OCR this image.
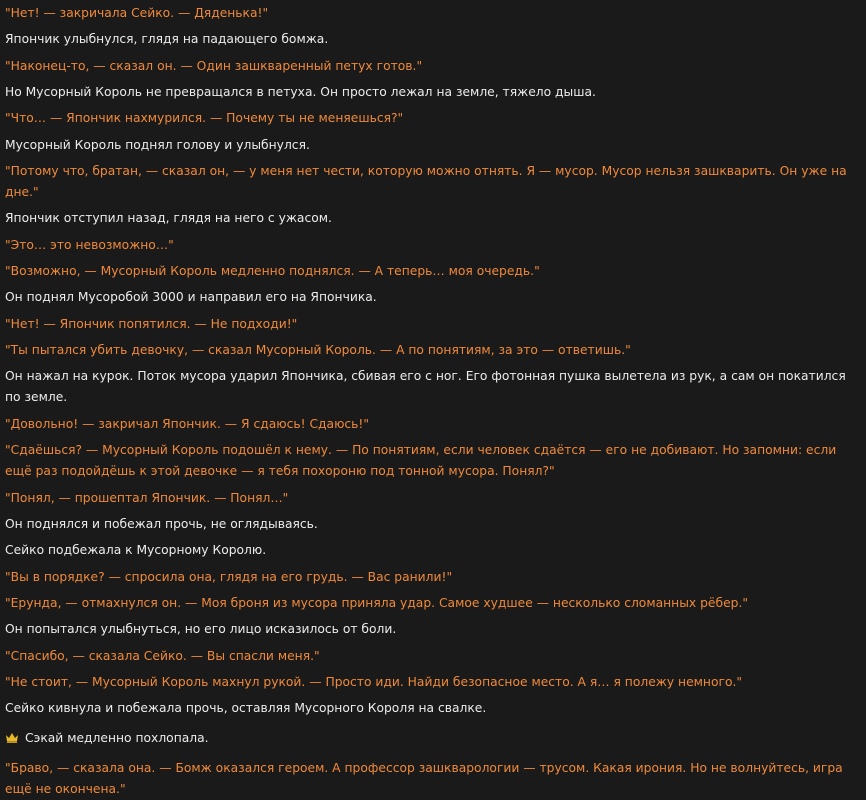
"Нет! — закричала Сейко. — Дяденька!"
Япончик улыбнулся, глядя на падающего бомжа.
"Наконец-то, — сказал он. — Один зашкваренный петух готов."
Но Мусорный Король не превращался в петуха. Он просто лежал на земле, тяжело дыша.
"Что… — Япончик нахмурился. — Почему ты не меняешься?"
Мусорный Король поднял голову и улыбнулся.
"Потому что, братан, — сказал он, — у меня нет чести, которую можно отнять. Я — мусор. Мусор нельзя зашкварить. Он уже на дне."
Япончик отступил назад, глядя на него с ужасом.
"Это… это невозможно…"
"Возможно, — Мусорный Король медленно поднялся. — А теперь… моя очередь."
Он поднял Мусоробой 3000 и направил его на Япончика.
"Нет! — Япончик попятился. — Не подходи!"
"Ты пытался убить девочку, — сказал Мусорный Король. — А по понятиям, за это — ответишь."
Он нажал на курок. Поток мусора ударил Япончика, сбивая его с ног. Его фотонная пушка вылетела из рук, а сам он покатился по земле.
"Довольно! — закричал Япончик. — Я сдаюсь! Сдаюсь!"
"Сдаёшься? — Мусорный Король подошёл к нему. — По понятиям, если человек сдаётся — его не добивают. Но запомни: если ещё раз подойдёшь к этой девочке — я тебя похороню под тонной мусора. Понял?"
"Понял, — прошептал Япончик. — Понял…"
Он поднялся и побежал прочь, не оглядываясь.
Сейко подбежала к Мусорному Королю.
"Вы в порядке? — спросила она, глядя на его грудь. — Вас ранили!"
"Ерунда, — отмахнулся он. — Моя броня из мусора приняла удар. Самое худшее — несколько сломанных рёбер."
Он попытался улыбнуться, но его лицо исказилось от боли.
"Спасибо, — сказала Сейко. — Вы спасли меня."
"Не стоит, — Мусорный Король махнул рукой. — Просто иди. Найди безопасное место. А я… я полежу немного."
Сейко кивнула и побежала прочь, оставляя Мусорного Короля на свалке.
Сэкай медленно похлопала.
"Браво, — сказала она. — Бомж оказался героем. А профессор зашкварологии — трусом. Какая ирония. Но не волнуйтесь, игра ещё не окончена."
